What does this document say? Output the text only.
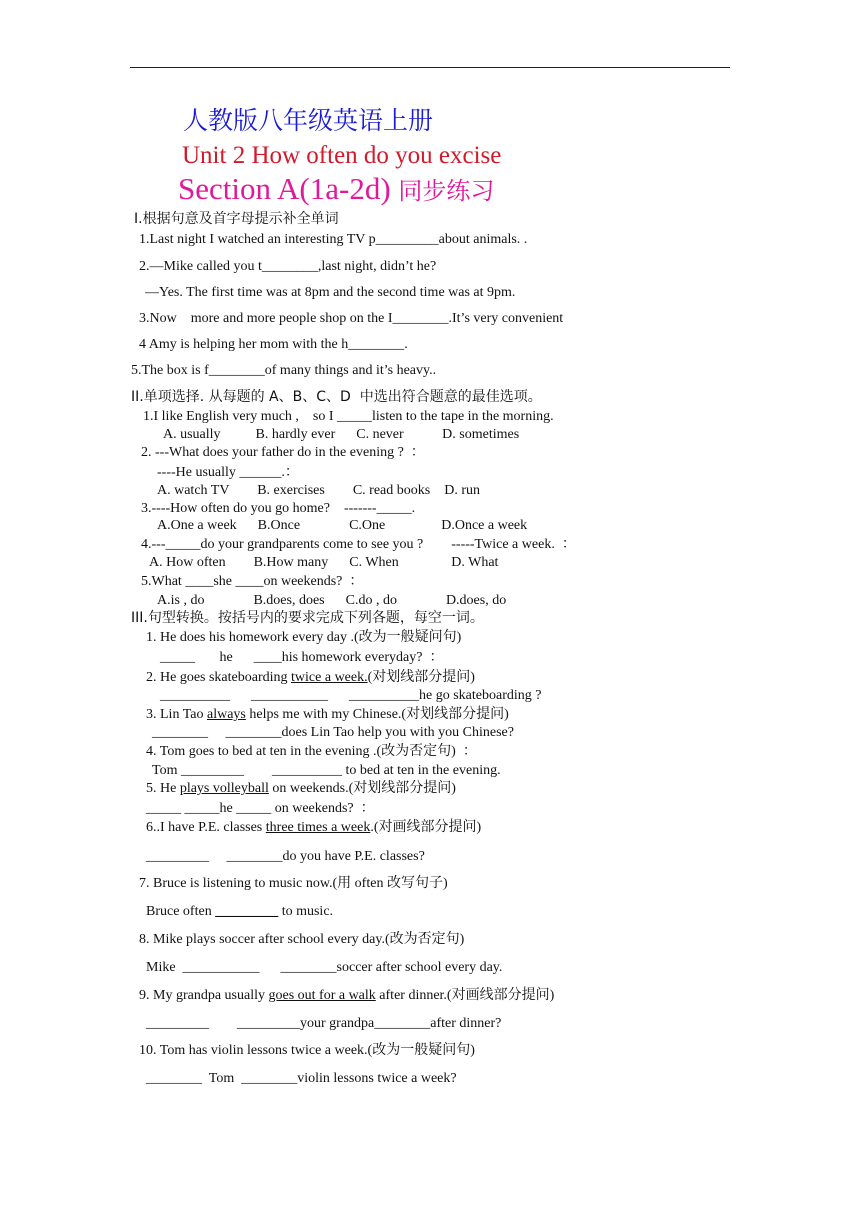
人教版八年级英语上册
Unit 2 How often do you excise
Section A(1a-2d) 同步练习
Ⅰ.根据句意及首字母提示补全单词
1.Last night I watched an interesting TV p_________about animals. .
2.—Mike called you t________,last night, didn’t he?
—Yes. The first time was at 8pm and the second time was at 9pm.
3.Now    more and more people shop on the I________.It’s very convenient
4 Amy is helping her mom with the h________.
5.The box is f________of many things and it’s heavy..
II.单项选择. 从每题的 A、B、C、D  中选出符合题意的最佳选项。
1.I like English very much ,    so I _____listen to the tape in the morning.
A. usually          B. hardly ever      C. never           D. sometimes
2. ---What does your father do in the evening ?  ：
----He usually ______.：
A. watch TV        B. exercises        C. read books    D. run
3.----How often do you go home?    -------_____.
A.One a week      B.Once              C.One                D.Once a week
4.---_____do your grandparents come to see you ?        -----Twice a week.  ：
A. How often        B.How many      C. When               D. What
5.What ____she ____on weekends?  ：
A.is , do              B.does, does      C.do , do              D.does, do
III.句型转换。按括号内的要求完成下列各题，每空一词。
1. He does his homework every day .(改为一般疑问句)
_____       he      ____his homework everyday?  ：
2. He goes skateboarding twice a week.(对划线部分提问)
__________      ___________      __________he go skateboarding ?
3. Lin Tao always helps me with my Chinese.(对划线部分提问)
________     ________does Lin Tao help you with you Chinese?
4. Tom goes to bed at ten in the evening .(改为否定句)  ：
Tom _________        __________ to bed at ten in the evening.
5. He plays volleyball on weekends.(对划线部分提问)
_____ _____he _____ on weekends?  ：
6..I have P.E. classes three times a week.(对画线部分提问)
_________     ________do you have P.E. classes?
7. Bruce is listening to music now.(用 often 改写句子)
Bruce often _________ to music.
8. Mike plays soccer after school every day.(改为否定句)
Mike  ___________      ________soccer after school every day.
9. My grandpa usually goes out for a walk after dinner.(对画线部分提问)
_________        _________your grandpa________after dinner?
10. Tom has violin lessons twice a week.(改为一般疑问句)
________  Tom  ________violin lessons twice a week?
